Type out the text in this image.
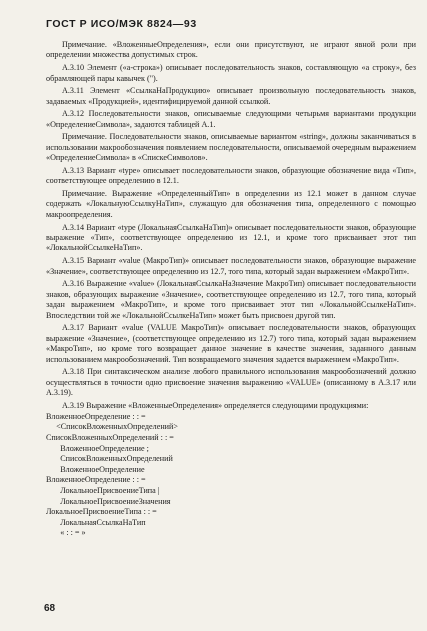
ГОСТ Р ИСО/МЭК 8824—93

Примечание. «ВложенныеОпределения», если они присутствуют, не играют явной роли при определении множества допустимых строк.

A.3.10 Элемент («а-строка») описывает последовательность знаков, составляющую «а строку», без обрамляющей пары кавычек (").

A.3.11 Элемент «СсылкаНаПродукцию» описывает произвольную последовательность знаков, задаваемых «Продукцией», идентифицируемой данной ссылкой.

A.3.12 Последовательности знаков, описываемые следующими четырьмя вариантами продукции «ОпределениеСимвола», задаются таблицей А.1.

Примечание. Последовательности знаков, описываемые вариантом «string», должны заканчиваться в использовании макрообозначения появлением последовательности, описываемой очередным выражением «ОпределениеСимвола» в «СпискеСимволов».

A.3.13 Вариант «type» описывает последовательности знаков, образующие обозначение вида «Тип», соответствующее определению в 12.1.

Примечание. Выражение «ОпределенныйТип» в определении из 12.1 может в данном случае содержать «ЛокальнуюСсылкуНаТип», служащую для обозначения типа, определенного с помощью макроопределения.

A.3.14 Вариант «type (ЛокальнаяСсылкаНаТип)» описывает последовательности знаков, образующие выражение «Тип», соответствующее определению из 12.1, и кроме того присваивает этот тип «ЛокальнойСсылкеНаТип».

A.3.15 Вариант «value (МакроТип)» описывает последовательности знаков, образующие выражение «Значение», соответствующее определению из 12.7, того типа, который задан выражением «МакроТип».

A.3.16 Выражение «value» (ЛокальнаяСсылкаНаЗначение МакроТип) описывает последовательности знаков, образующих выражение «Значение», соответствующее определению из 12.7, того типа, который задан выражением «МакроТип», и кроме того присваивает этот тип «ЛокальнойСсылкеНаТип». Впоследствии той же «ЛокальнойСсылкеНаТип» может быть присвоен другой тип.

A.3.17 Вариант «value (VALUE МакроТип)» описывает последовательности знаков, образующих выражение «Значение», (соответствующее определению из 12.7) того типа, который задан выражением «МакроТип», но кроме того возвращает данное значение в качестве значения, заданного данным использованием макрообозначений. Тип возвращаемого значения задается выражением «МакроТип».

A.3.18 При синтаксическом анализе любого правильного использования макрообозначений должно осуществляться в точности одно присвоение значения выражению «VALUE» (описанному в A.3.17 или A.3.19).

A.3.19 Выражение «ВложенныеОпределения» определяется следующими продукциями:

ВложенноеОпределение : : =
<СписокВложенныхОпределений>
СписокВложенныхОпределений : : =
ВложенноеОпределение ;
СписокВложенныхОпределений
ВложенноеОпределение
ВложенноеОпределение : : =
ЛокальноеПрисвоениеТипа |
ЛокальноеПрисвоениеЗначения
ЛокальноеПрисвоениеТипа : : =
ЛокальнаяСсылкаНаТип
« : : = »
68
